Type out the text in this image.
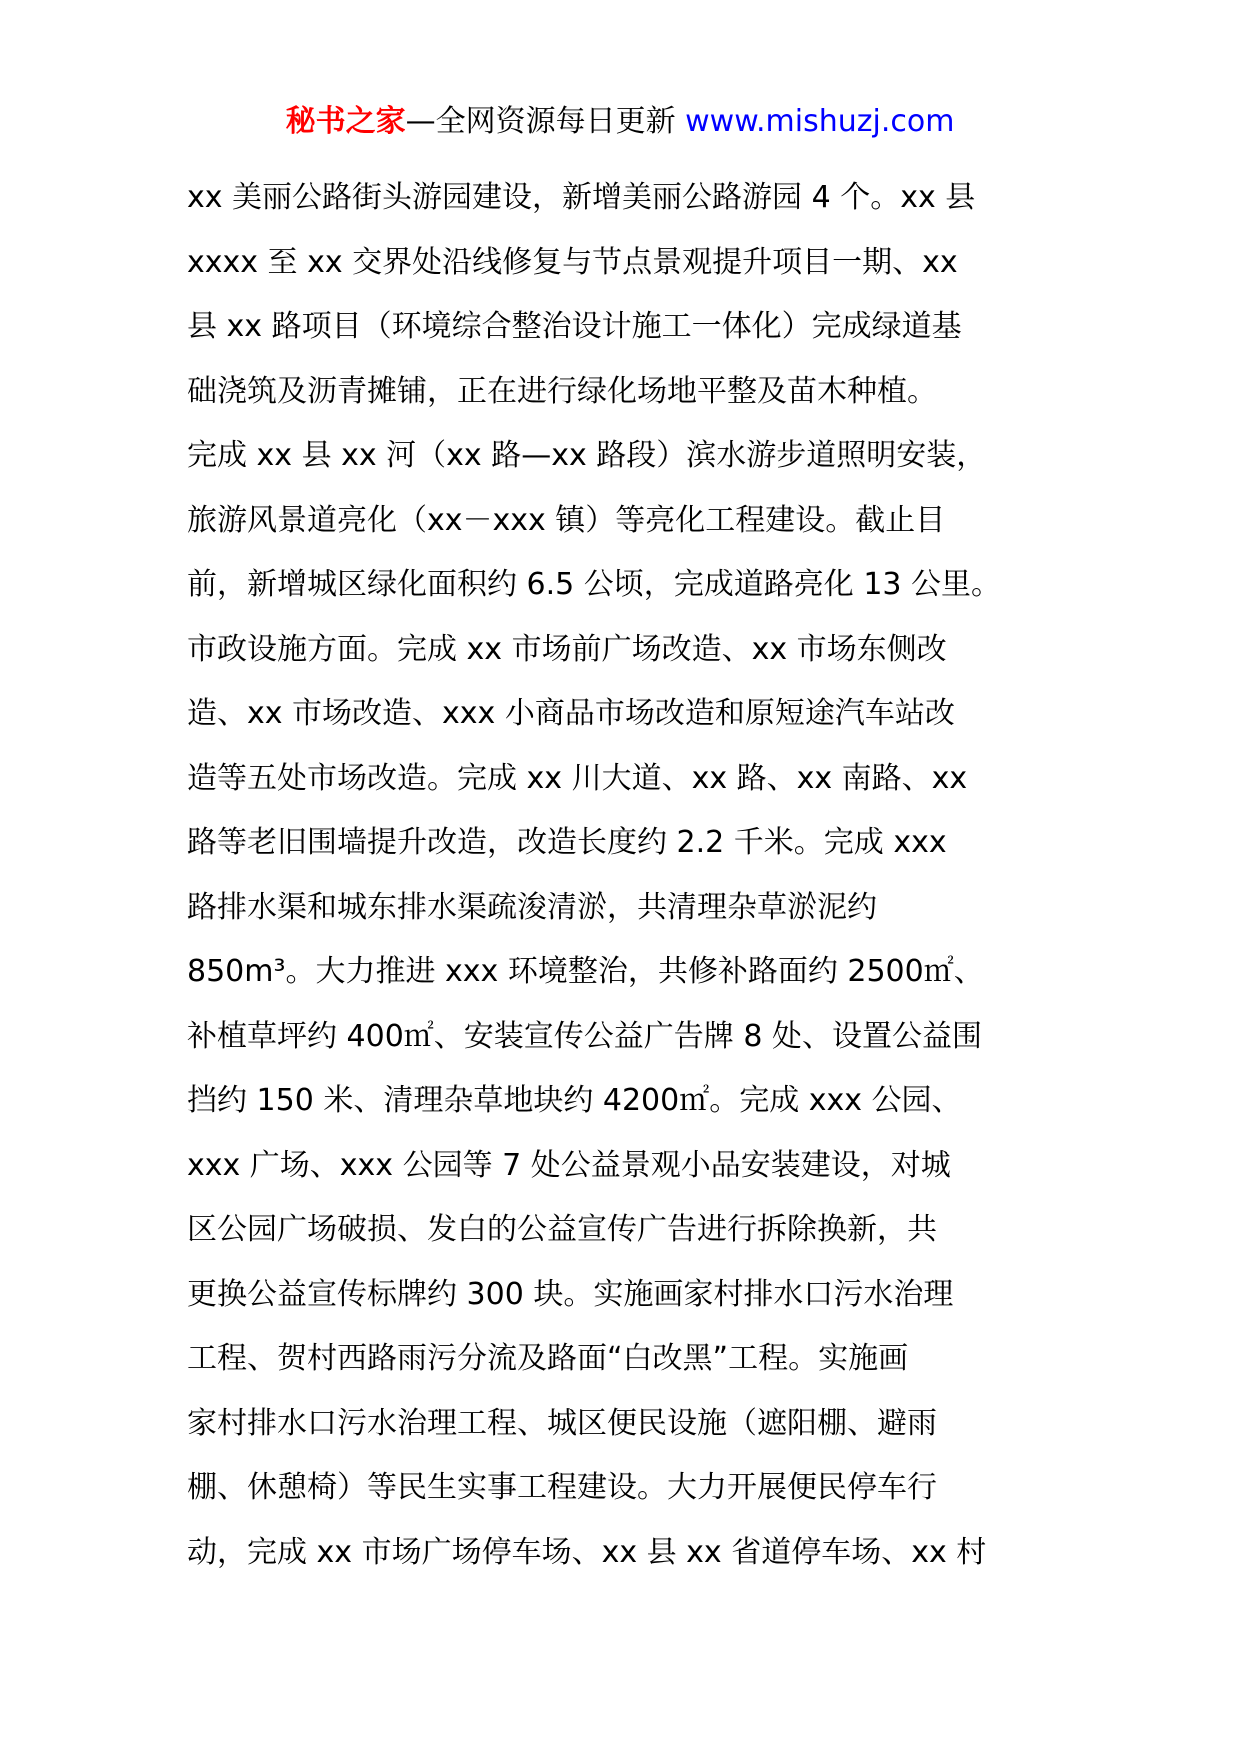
秘书之家—全网资源每日更新 www.mishuzj.com
xx 美丽公路街头游园建设，新增美丽公路游园 4 个。xx 县
xxxx 至 xx 交界处沿线修复与节点景观提升项目一期、xx
县 xx 路项目（环境综合整治设计施工一体化）完成绿道基
础浇筑及沥青摊铺，正在进行绿化场地平整及苗木种植。
完成 xx 县 xx 河（xx 路—xx 路段）滨水游步道照明安装，
旅游风景道亮化（xx－xxx 镇）等亮化工程建设。截止目
前，新增城区绿化面积约 6.5 公顷，完成道路亮化 13 公里。
市政设施方面。完成 xx 市场前广场改造、xx 市场东侧改
造、xx 市场改造、xxx 小商品市场改造和原短途汽车站改
造等五处市场改造。完成 xx 川大道、xx 路、xx 南路、xx
路等老旧围墙提升改造，改造长度约 2.2 千米。完成 xxx
路排水渠和城东排水渠疏浚清淤，共清理杂草淤泥约
850m³。大力推进 xxx 环境整治，共修补路面约 2500㎡、
补植草坪约 400㎡、安装宣传公益广告牌 8 处、设置公益围
挡约 150 米、清理杂草地块约 4200㎡。完成 xxx 公园、
xxx 广场、xxx 公园等 7 处公益景观小品安装建设，对城
区公园广场破损、发白的公益宣传广告进行拆除换新，共
更换公益宣传标牌约 300 块。实施画家村排水口污水治理
工程、贺村西路雨污分流及路面“白改黑”工程。实施画
家村排水口污水治理工程、城区便民设施（遮阳棚、避雨
棚、休憩椅）等民生实事工程建设。大力开展便民停车行
动，完成 xx 市场广场停车场、xx 县 xx 省道停车场、xx 村
